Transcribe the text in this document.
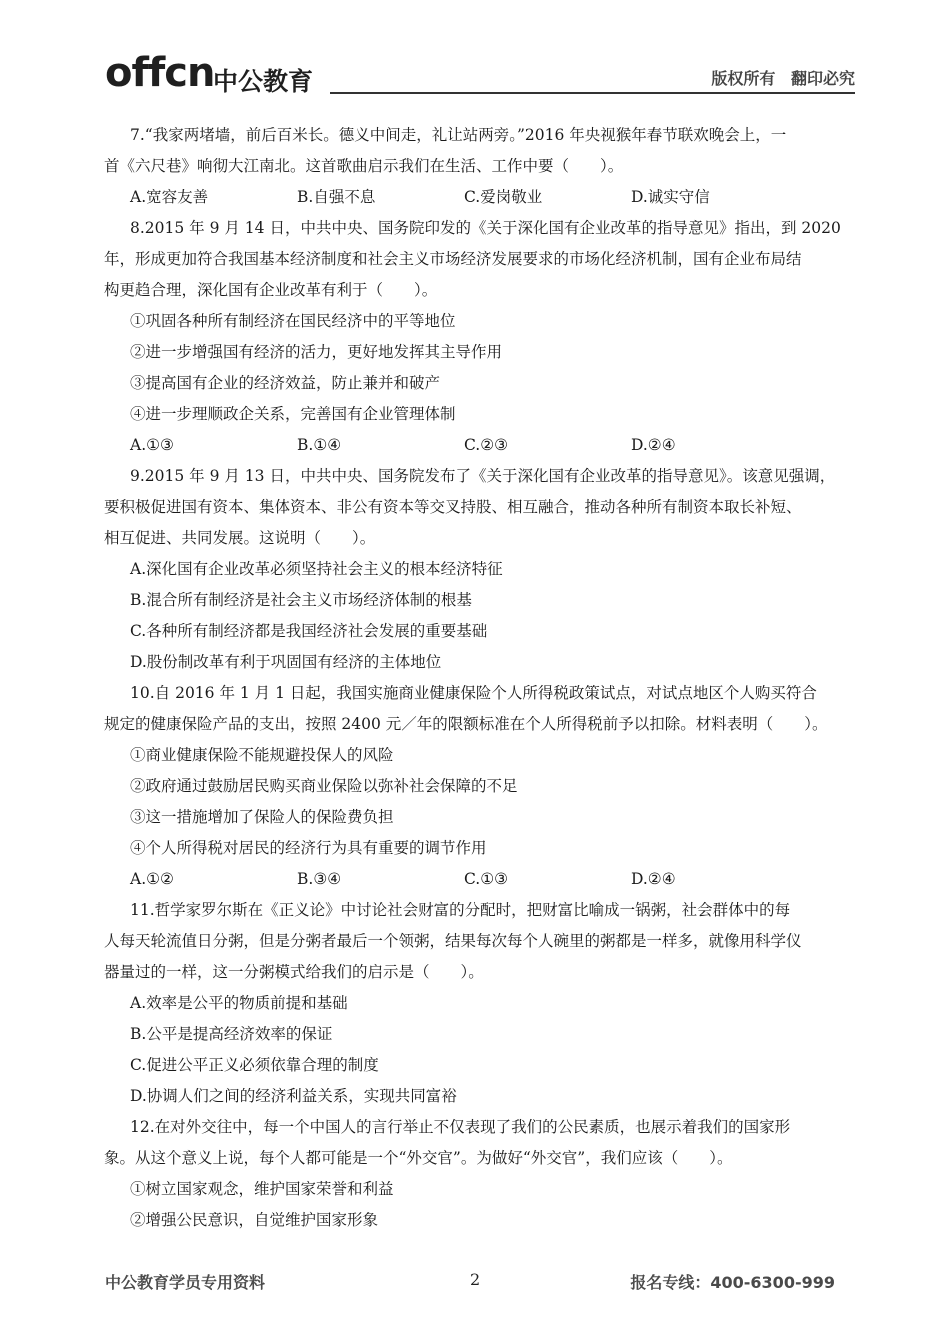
offcn
中公教育	版权所有 翻印必究

7.“我家两堵墙，前后百米长。德义中间走，礼让站两旁。”2016 年央视猴年春节联欢晚会上，一

首《六尺巷》响彻大江南北。这首歌曲启示我们在生活、工作中要（　　）。

A.宽容友善	B.自强不息	C.爱岗敬业	D.诚实守信

8.2015 年 9 月 14 日，中共中央、国务院印发的《关于深化国有企业改革的指导意见》指出，到 2020

年，形成更加符合我国基本经济制度和社会主义市场经济发展要求的市场化经济机制，国有企业布局结

构更趋合理，深化国有企业改革有利于（　　）。

①巩固各种所有制经济在国民经济中的平等地位

②进一步增强国有经济的活力，更好地发挥其主导作用

③提高国有企业的经济效益，防止兼并和破产

④进一步理顺政企关系，完善国有企业管理体制

A.①③	B.①④	C.②③	D.②④

9.2015 年 9 月 13 日，中共中央、国务院发布了《关于深化国有企业改革的指导意见》。该意见强调，

要积极促进国有资本、集体资本、非公有资本等交叉持股、相互融合，推动各种所有制资本取长补短、

相互促进、共同发展。这说明（　　）。

A.深化国有企业改革必须坚持社会主义的根本经济特征

B.混合所有制经济是社会主义市场经济体制的根基

C.各种所有制经济都是我国经济社会发展的重要基础

D.股份制改革有利于巩固国有经济的主体地位

10.自 2016 年 1 月 1 日起，我国实施商业健康保险个人所得税政策试点，对试点地区个人购买符合

规定的健康保险产品的支出，按照 2400 元／年的限额标准在个人所得税前予以扣除。材料表明（　　）。

①商业健康保险不能规避投保人的风险

②政府通过鼓励居民购买商业保险以弥补社会保障的不足

③这一措施增加了保险人的保险费负担

④个人所得税对居民的经济行为具有重要的调节作用

A.①②	B.③④	C.①③	D.②④

11.哲学家罗尔斯在《正义论》中讨论社会财富的分配时，把财富比喻成一锅粥，社会群体中的每

人每天轮流值日分粥，但是分粥者最后一个领粥，结果每次每个人碗里的粥都是一样多，就像用科学仪

器量过的一样，这一分粥模式给我们的启示是（　　）。

A.效率是公平的物质前提和基础

B.公平是提高经济效率的保证

C.促进公平正义必须依靠合理的制度

D.协调人们之间的经济利益关系，实现共同富裕

12.在对外交往中，每一个中国人的言行举止不仅表现了我们的公民素质，也展示着我们的国家形

象。从这个意义上说，每个人都可能是一个“外交官”。为做好“外交官”，我们应该（　　）。

①树立国家观念，维护国家荣誉和利益

②增强公民意识，自觉维护国家形象

中公教育学员专用资料	2	报名专线：400-6300-999
